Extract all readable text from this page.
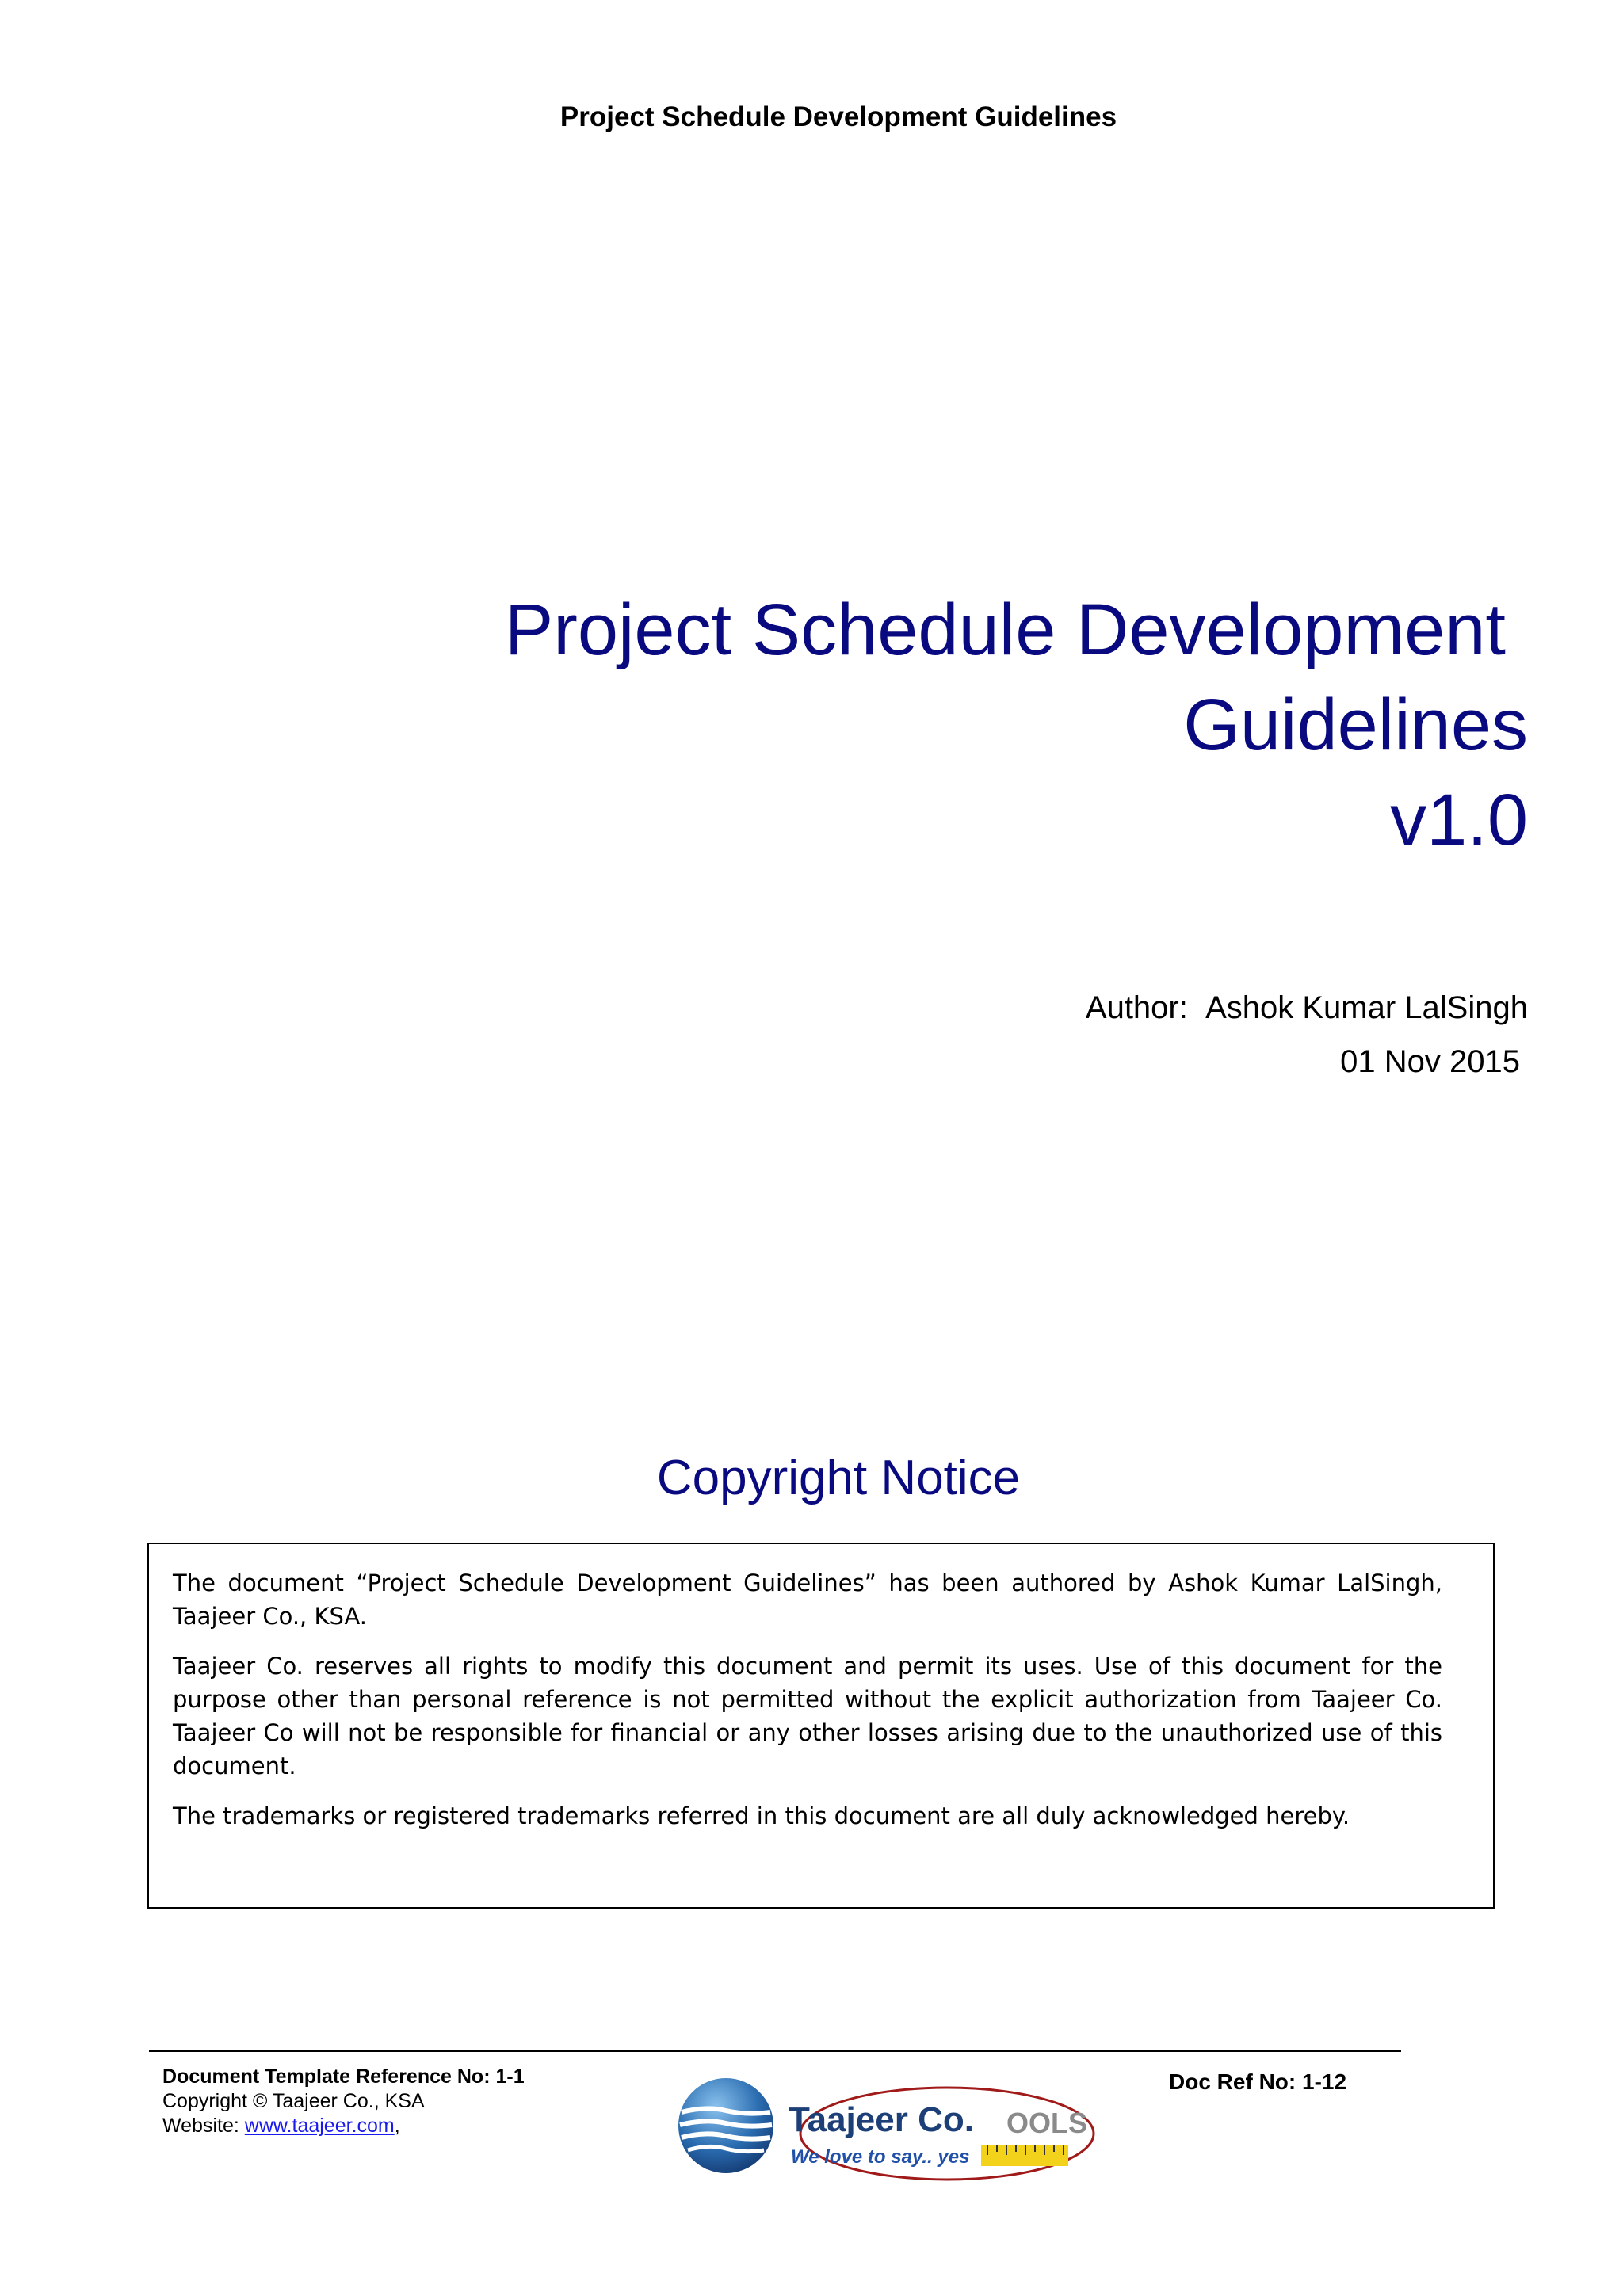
Project Schedule Development Guidelines
Project Schedule Development
Guidelines
v1.0
Author: Ashok Kumar LalSingh
01 Nov 2015
Copyright Notice

The document “Project Schedule Development Guidelines” has been authored by Ashok Kumar LalSingh, Taajeer Co., KSA.

Taajeer Co. reserves all rights to modify this document and permit its uses. Use of this document for the purpose other than personal reference is not permitted without the explicit authorization from Taajeer Co. Taajeer Co will not be responsible for financial or any other losses arising due to the unauthorized use of this document.

The trademarks or registered trademarks referred in this document are all duly acknowledged hereby.

Document Template Reference No: 1-1
Copyright © Taajeer Co., KSA
Website: www.taajeer.com,
Doc Ref No: 1-12
OOLS
Taajeer Co.
We love to say.. yes
